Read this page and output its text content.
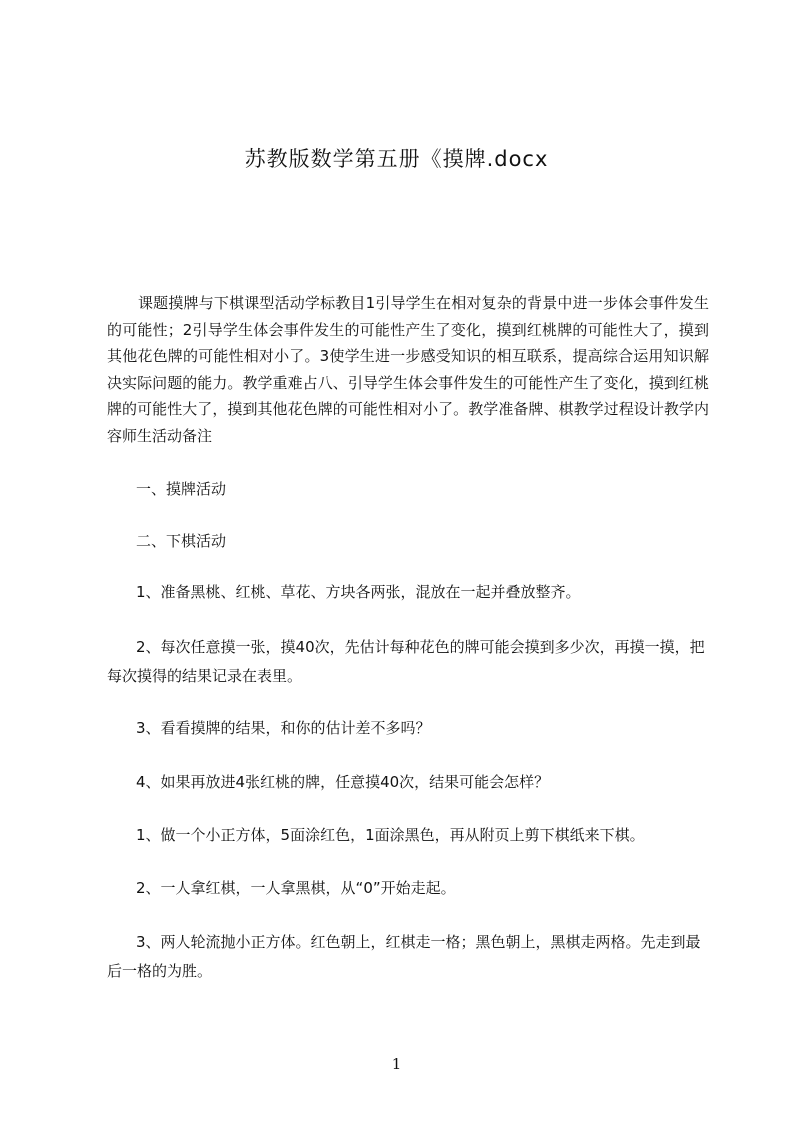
苏教版数学第五册《摸牌.docx

课题摸牌与下棋课型活动学标教目1引导学生在相对复杂的背景中进一步体会事件发生的可能性；2引导学生体会事件发生的可能性产生了变化，摸到红桃牌的可能性大了，摸到其他花色牌的可能性相对小了。3使学生进一步感受知识的相互联系，提高综合运用知识解决实际问题的能力。教学重难占八、引导学生体会事件发生的可能性产生了变化，摸到红桃牌的可能性大了，摸到其他花色牌的可能性相对小了。教学准备牌、棋教学过程设计教学内容师生活动备注

一、摸牌活动

二、下棋活动

1、准备黑桃、红桃、草花、方块各两张，混放在一起并叠放整齐。

2、每次任意摸一张，摸40次，先估计每种花色的牌可能会摸到多少次，再摸一摸，把每次摸得的结果记录在表里。

3、看看摸牌的结果，和你的估计差不多吗？

4、如果再放进4张红桃的牌，任意摸40次，结果可能会怎样？

1、做一个小正方体，5面涂红色，1面涂黑色，再从附页上剪下棋纸来下棋。

2、一人拿红棋，一人拿黑棋，从“0”开始走起。

3、两人轮流抛小正方体。红色朝上，红棋走一格；黑色朝上，黑棋走两格。先走到最后一格的为胜。

1
